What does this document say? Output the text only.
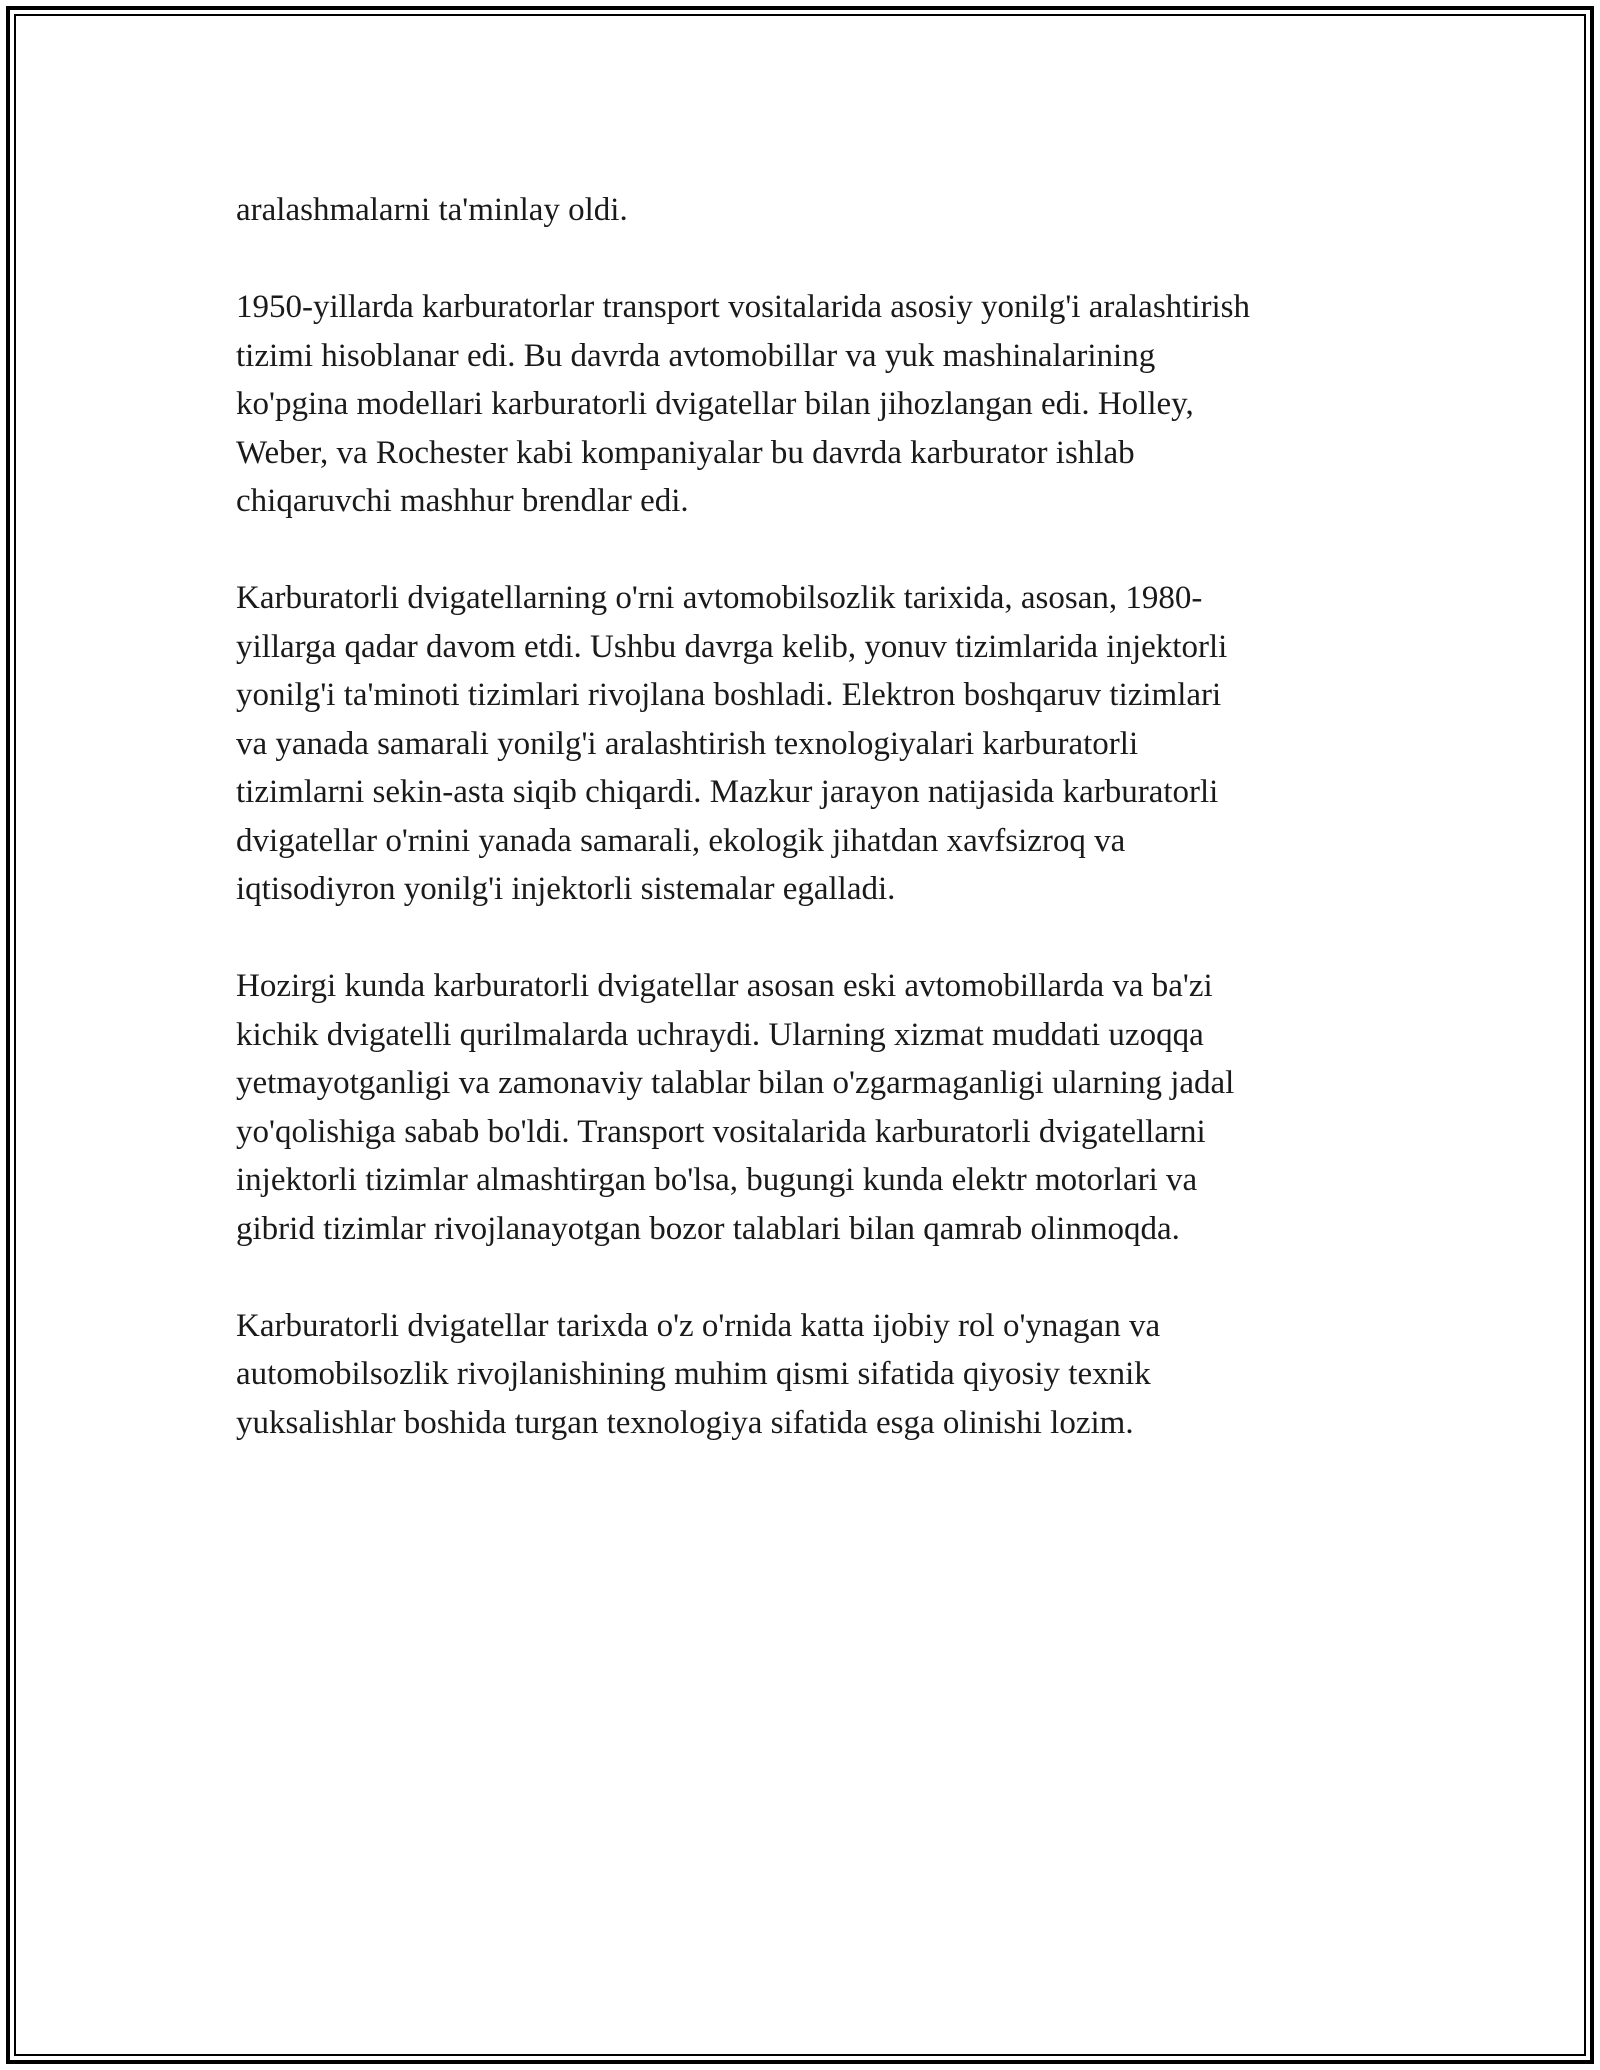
aralashmalarni ta'minlay oldi.

1950-yillarda karburatorlar transport vositalarida asosiy yonilg'i aralashtirish
tizimi hisoblanar edi. Bu davrda avtomobillar va yuk mashinalarining
ko'pgina modellari karburatorli dvigatellar bilan jihozlangan edi. Holley,
Weber, va Rochester kabi kompaniyalar bu davrda karburator ishlab
chiqaruvchi mashhur brendlar edi.

Karburatorli dvigatellarning o'rni avtomobilsozlik tarixida, asosan, 1980-
yillarga qadar davom etdi. Ushbu davrga kelib, yonuv tizimlarida injektorli
yonilg'i ta'minoti tizimlari rivojlana boshladi. Elektron boshqaruv tizimlari
va yanada samarali yonilg'i aralashtirish texnologiyalari karburatorli
tizimlarni sekin-asta siqib chiqardi. Mazkur jarayon natijasida karburatorli
dvigatellar o'rnini yanada samarali, ekologik jihatdan xavfsizroq va
iqtisodiyron yonilg'i injektorli sistemalar egalladi.

Hozirgi kunda karburatorli dvigatellar asosan eski avtomobillarda va ba'zi
kichik dvigatelli qurilmalarda uchraydi. Ularning xizmat muddati uzoqqa
yetmayotganligi va zamonaviy talablar bilan o'zgarmaganligi ularning jadal
yo'qolishiga sabab bo'ldi. Transport vositalarida karburatorli dvigatellarni
injektorli tizimlar almashtirgan bo'lsa, bugungi kunda elektr motorlari va
gibrid tizimlar rivojlanayotgan bozor talablari bilan qamrab olinmoqda.

Karburatorli dvigatellar tarixda o'z o'rnida katta ijobiy rol o'ynagan va
automobilsozlik rivojlanishining muhim qismi sifatida qiyosiy texnik
yuksalishlar boshida turgan texnologiya sifatida esga olinishi lozim.
